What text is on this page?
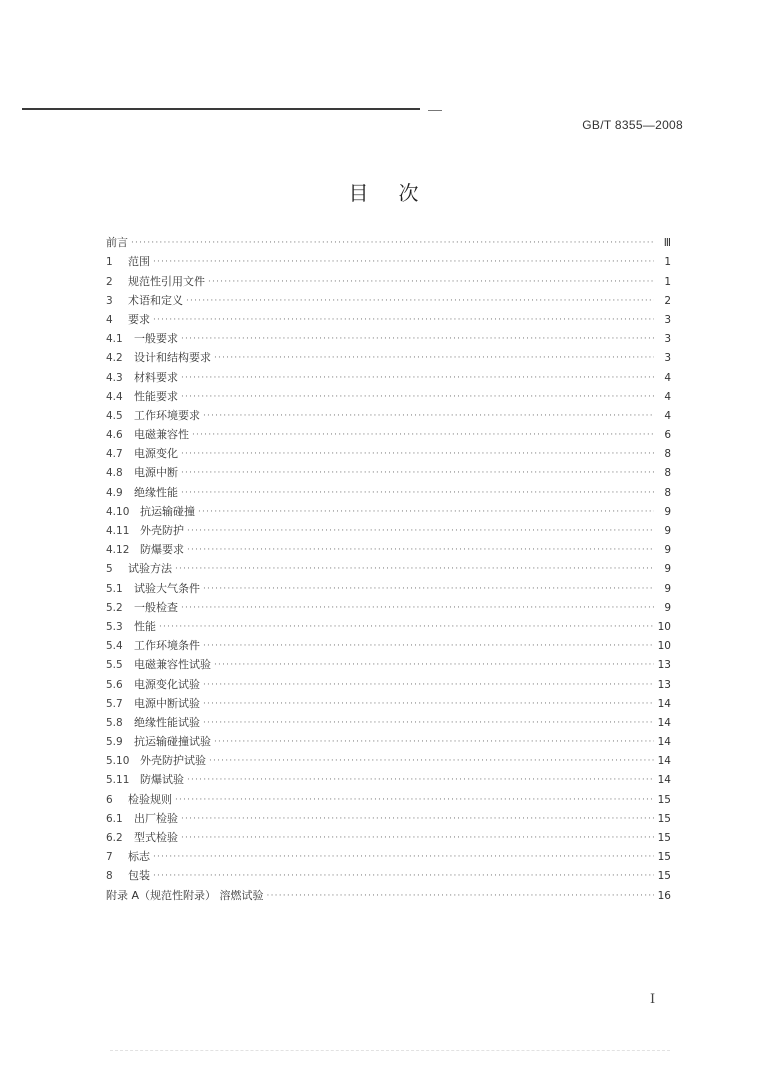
GB/T 8355—2008
目次
前言 ·····	Ⅲ
1	范围 ·····	1
2	规范性引用文件 ·····	1
3	术语和定义 ·····	2
4	要求 ·····	3
4.1	一般要求 ·····	3
4.2	设计和结构要求 ·····	3
4.3	材料要求 ·····	4
4.4	性能要求 ·····	4
4.5	工作环境要求 ·····	4
4.6	电磁兼容性 ·····	6
4.7	电源变化 ·····	8
4.8	电源中断 ·····	8
4.9	绝缘性能 ·····	8
4.10 抗运输碰撞 ·····	9
4.11 外壳防护 ·····	9
4.12 防爆要求 ·····	9
5	试验方法 ·····	9
5.1	试验大气条件 ·····	9
5.2	一般检查 ·····	9
5.3	性能 ·····	10
5.4	工作环境条件 ·····	10
5.5	电磁兼容性试验 ·····	13
5.6	电源变化试验 ·····	13
5.7	电源中断试验 ·····	14
5.8	绝缘性能试验 ·····	14
5.9	抗运输碰撞试验 ·····	14
5.10 外壳防护试验 ·····	14
5.11 防爆试验 ·····	14
6	检验规则 ·····	15
6.1	出厂检验 ·····	15
6.2	型式检验 ·····	15
7	标志 ·····	15
8	包装 ·····	15
附录 A（规范性附录） 溶燃试验 ·····	16
Ⅰ
